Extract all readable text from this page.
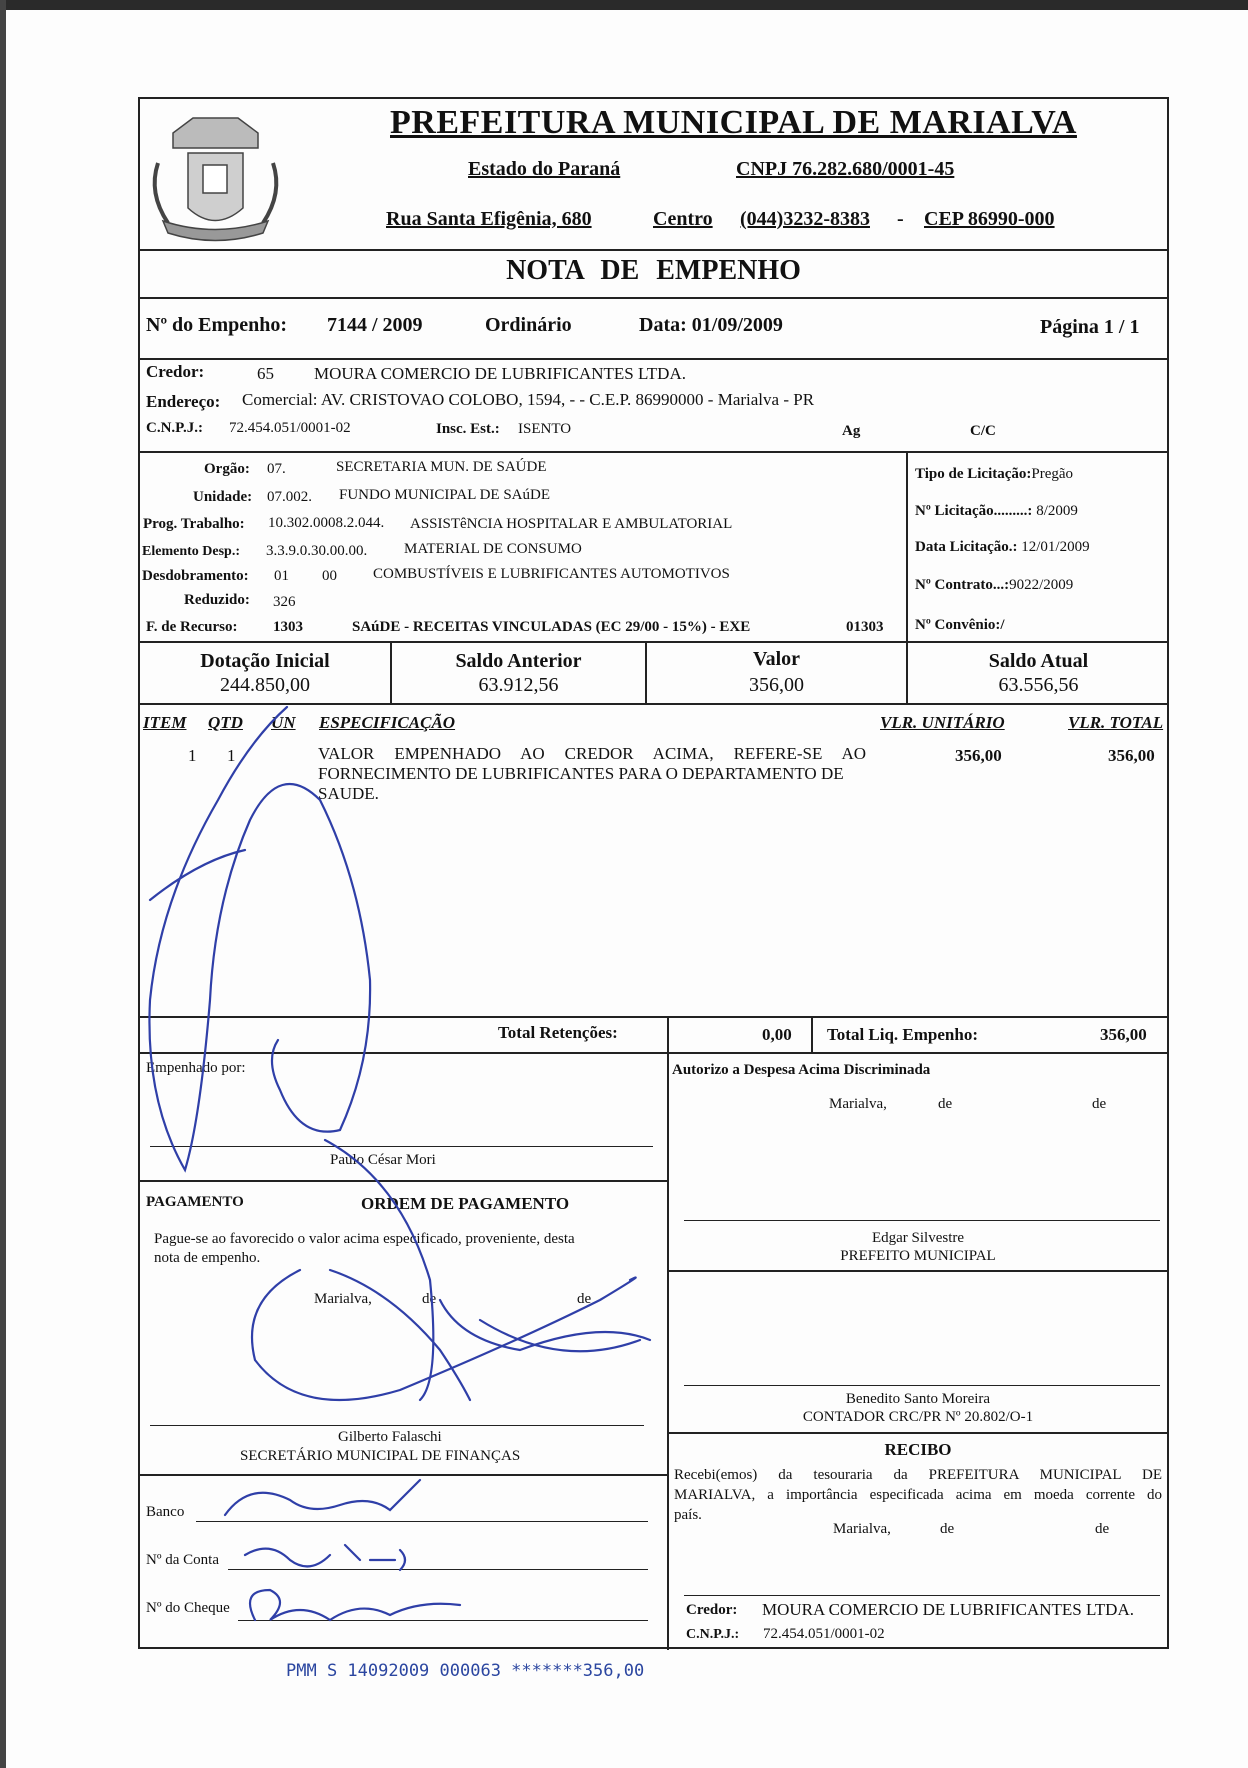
PREFEITURA MUNICIPAL DE MARIALVA
Estado do Paraná	CNPJ 76.282.680/0001-45
Rua Santa Efigênia, 680	Centro (044)3232-8383 - CEP 86990-000
NOTA DE EMPENHO
Nº do Empenho: 7144 / 2009	Ordinário	Data: 01/09/2009	Página 1 / 1
Credor:	65 MOURA COMERCIO DE LUBRIFICANTES LTDA.
Endereço: Comercial: AV. CRISTOVAO COLOBO, 1594, - - C.E.P. 86990000 - Marialva - PR
C.N.P.J.: 72.454.051/0001-02	Insc. Est.: ISENTO	Ag	C/C
Orgão: 07.	SECRETARIA MUN. DE SAÚDE
Unidade: 07.002. FUNDO MUNICIPAL DE SAúDE
Prog. Trabalho: 10.302.0008.2.044. ASSISTêNCIA HOSPITALAR E AMBULATORIAL
Elemento Desp.: 3.3.9.0.30.00.00. MATERIAL DE CONSUMO
Desdobramento: 01 00 COMBUSTÍVEIS E LUBRIFICANTES AUTOMOTIVOS
Reduzido: 326
F. de Recurso: 1303	SAúDE - RECEITAS VINCULADAS (EC 29/00 - 15%) - EXE	01303
Tipo de Licitação:Pregão
Nº Licitação.........: 8/2009
Data Licitação.: 12/01/2009
Nº Contrato...:9022/2009
Nº Convênio:/
Dotação Inicial
244.850,00
Saldo Anterior
63.912,56
Valor
356,00
Saldo Atual
63.556,56
ITEM QTD UN ESPECIFICAÇÃO	VLR. UNITÁRIO	VLR. TOTAL
1 1	VALOR EMPENHADO AO CREDOR ACIMA, REFERE-SE AO
FORNECIMENTO DE LUBRIFICANTES PARA O DEPARTAMENTO DE
SAUDE.
356,00	356,00
Total Retenções:	0,00 Total Liq. Empenho:	356,00
Empenhado por:
Paulo César Mori
PAGAMENTO	ORDEM DE PAGAMENTO
Pague-se ao favorecido o valor acima especificado, proveniente, desta
nota de empenho.
Marialva,	de	de
Gilberto Falaschi
SECRETÁRIO MUNICIPAL DE FINANÇAS
Banco
Nº da Conta
Nº do Cheque
Autorizo a Despesa Acima Discriminada
Marialva,	de	de
Edgar Silvestre
PREFEITO MUNICIPAL
Benedito Santo Moreira
CONTADOR CRC/PR Nº 20.802/O-1
RECIBO
Recebi(emos) da tesouraria da PREFEITURA MUNICIPAL DE
MARIALVA, a importância especificada acima em moeda corrente do
país.
Marialva,	de	de
Credor: MOURA COMERCIO DE LUBRIFICANTES LTDA.
C.N.P.J.: 72.454.051/0001-02
PMM S 14092009 000063 *******356,00
